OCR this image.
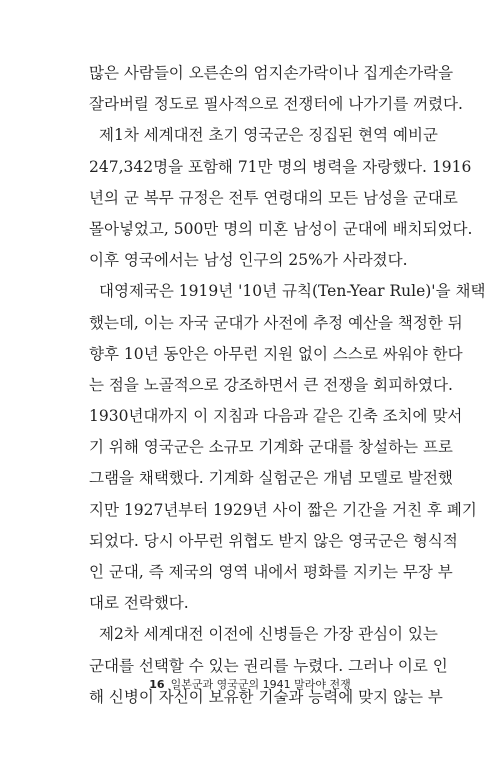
많은 사람들이 오른손의 엄지손가락이나 집게손가락을
잘라버릴 정도로 필사적으로 전쟁터에 나가기를 꺼렸다.
제1차 세계대전 초기 영국군은 징집된 현역 예비군
247,342명을 포함해 71만 명의 병력을 자랑했다. 1916
년의 군 복무 규정은 전투 연령대의 모든 남성을 군대로
몰아넣었고, 500만 명의 미혼 남성이 군대에 배치되었다.
이후 영국에서는 남성 인구의 25%가 사라졌다.
대영제국은 1919년 '10년 규칙(Ten-Year Rule)'을 채택
했는데, 이는 자국 군대가 사전에 추정 예산을 책정한 뒤
향후 10년 동안은 아무런 지원 없이 스스로 싸워야 한다
는 점을 노골적으로 강조하면서 큰 전쟁을 회피하였다.
1930년대까지 이 지침과 다음과 같은 긴축 조치에 맞서
기 위해 영국군은 소규모 기계화 군대를 창설하는 프로
그램을 채택했다. 기계화 실험군은 개념 모델로 발전했
지만 1927년부터 1929년 사이 짧은 기간을 거친 후 폐기
되었다. 당시 아무런 위협도 받지 않은 영국군은 형식적
인 군대, 즉 제국의 영역 내에서 평화를 지키는 무장 부
대로 전락했다.
제2차 세계대전 이전에 신병들은 가장 관심이 있는
군대를 선택할 수 있는 권리를 누렸다. 그러나 이로 인
해 신병이 자신이 보유한 기술과 능력에 맞지 않는 부
16 일본군과 영국군의 1941 말라야 전쟁
